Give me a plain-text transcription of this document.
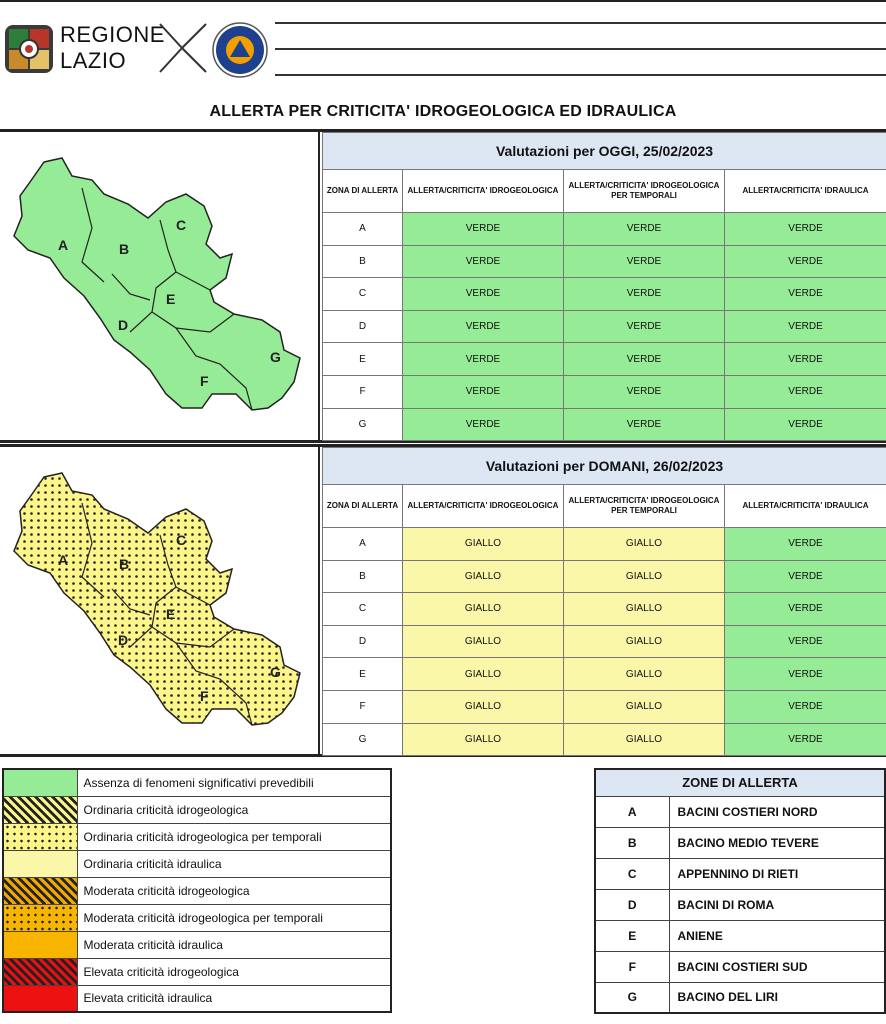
REGIONE
LAZIO
ALLERTA PER CRITICITA' IDROGEOLOGICA ED IDRAULICA
A	B
C
D
E
F
G
Valutazioni per OGGI, 25/02/2023			
ZONA DI ALLERTA	ALLERTA/CRITICITA' IDROGEOLOGICA	ALLERTA/CRITICITA' IDROGEOLOGICA PER TEMPORALI	ALLERTA/CRITICITA' IDRAULICA
A	VERDE	VERDE	VERDE
B	VERDE	VERDE	VERDE
C	VERDE	VERDE	VERDE
D	VERDE	VERDE	VERDE
E	VERDE	VERDE	VERDE
F	VERDE	VERDE	VERDE
G	VERDE	VERDE	VERDE
A	B
C
D
E
F
G
Valutazioni per DOMANI, 26/02/2023			
ZONA DI ALLERTA	ALLERTA/CRITICITA' IDROGEOLOGICA	ALLERTA/CRITICITA' IDROGEOLOGICA PER TEMPORALI	ALLERTA/CRITICITA' IDRAULICA
A	GIALLO	GIALLO	VERDE
B	GIALLO	GIALLO	VERDE
C	GIALLO	GIALLO	VERDE
D	GIALLO	GIALLO	VERDE
E	GIALLO	GIALLO	VERDE
F	GIALLO	GIALLO	VERDE
G	GIALLO	GIALLO	VERDE
	Assenza di fenomeni significativi prevedibili
	Ordinaria criticità idrogeologica
	Ordinaria criticità idrogeologica per temporali
	Ordinaria criticità idraulica
	Moderata criticità idrogeologica
	Moderata criticità idrogeologica per temporali
	Moderata criticità idraulica
	Elevata criticità idrogeologica
	Elevata criticità idraulica
ZONE DI ALLERTA	
A	BACINI COSTIERI NORD
B	BACINO MEDIO TEVERE
C	APPENNINO DI RIETI
D	BACINI DI ROMA
E	ANIENE
F	BACINI COSTIERI SUD
G	BACINO DEL LIRI
